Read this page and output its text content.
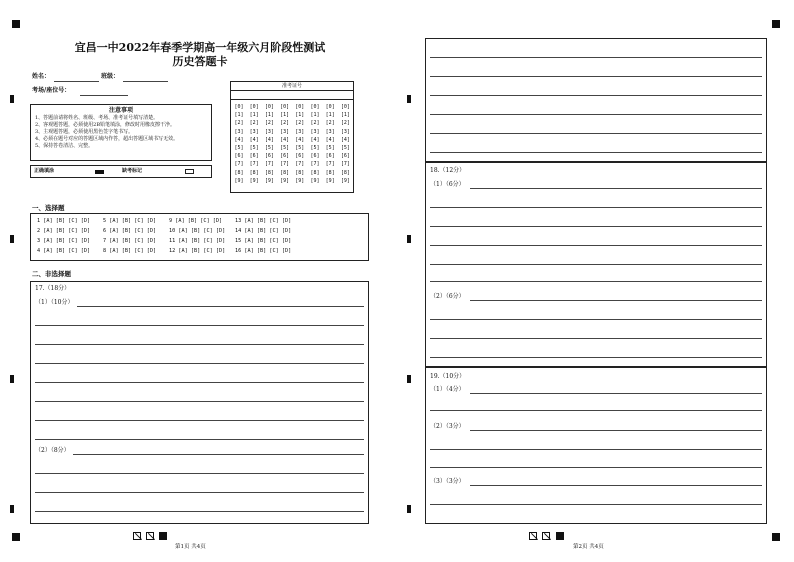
宜昌一中2022年春季学期高一年级六月阶段性测试
历史答题卡
姓名：	班级：
考场/座位号：
注意事项
1、答题前请将姓名、班级、考场、准考证号填写清楚。
2、客观题答题，必须使用2B铅笔填涂，修改时用橡皮擦干净。
3、主观题答题，必须使用黑色签字笔书写。
4、必须在题号对应的答题区域内作答，超出答题区域书写无效。
5、保持答卷清洁、完整。
正确填涂	缺考标记
准考证号
[0]
[1]
[2]
[3]
[4]
[5]
[6]
[7]
[8]
[9]
[0]
[1]
[2]
[3]
[4]
[5]
[6]
[7]
[8]
[9]
[0]
[1]
[2]
[3]
[4]
[5]
[6]
[7]
[8]
[9]
[0]
[1]
[2]
[3]
[4]
[5]
[6]
[7]
[8]
[9]
[0]
[1]
[2]
[3]
[4]
[5]
[6]
[7]
[8]
[9]
[0]
[1]
[2]
[3]
[4]
[5]
[6]
[7]
[8]
[9]
[0]
[1]
[2]
[3]
[4]
[5]
[6]
[7]
[8]
[9]
[0]
[1]
[2]
[3]
[4]
[5]
[6]
[7]
[8]
[9]
一、选择题
1 [A] [B] [C] [D] 5 [A] [B] [C] [D] 9 [A] [B] [C] [D] 13 [A] [B] [C] [D]
2 [A] [B] [C] [D] 6 [A] [B] [C] [D] 10 [A] [B] [C] [D] 14 [A] [B] [C] [D]
3 [A] [B] [C] [D] 7 [A] [B] [C] [D] 11 [A] [B] [C] [D] 15 [A] [B] [C] [D]
4 [A] [B] [C] [D] 8 [A] [B] [C] [D] 12 [A] [B] [C] [D] 16 [A] [B] [C] [D]
二、非选择题
17.（18分）
（1）（10分）
（2）（8分）
第1页 共4页
18.（12分）
（1）（6分）
（2）（6分）
19.（10分）
（1）（4分）
（2）（3分）
（3）（3分）
第2页 共4页
